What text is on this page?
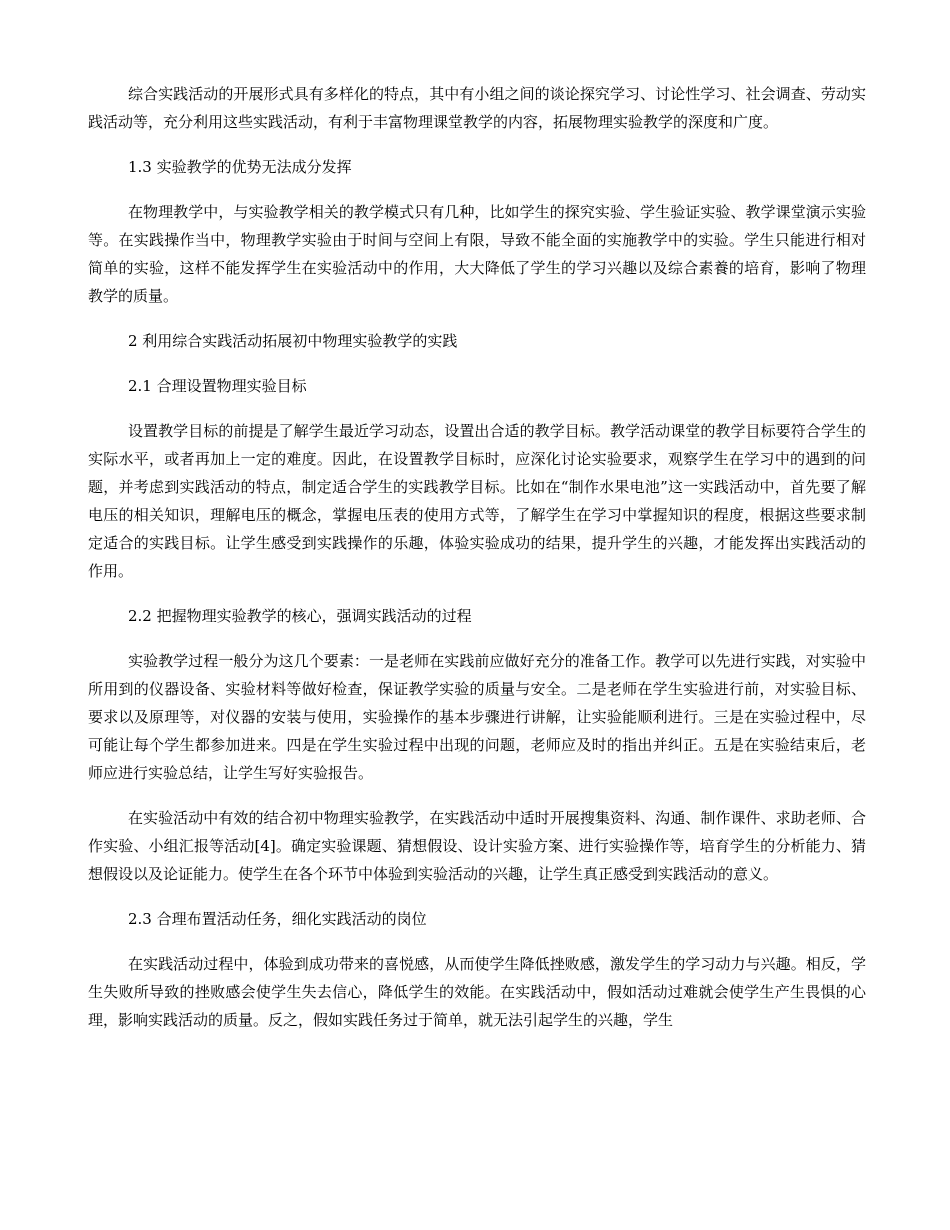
综合实践活动的开展形式具有多样化的特点，其中有小组之间的谈论探究学习、讨论性学习、社会调查、劳动实践活动等，充分利用这些实践活动，有利于丰富物理课堂教学的内容，拓展物理实验教学的深度和广度。

1.3 实验教学的优势无法成分发挥

在物理教学中，与实验教学相关的教学模式只有几种，比如学生的探究实验、学生验证实验、教学课堂演示实验等。在实践操作当中，物理教学实验由于时间与空间上有限，导致不能全面的实施教学中的实验。学生只能进行相对简单的实验，这样不能发挥学生在实验活动中的作用，大大降低了学生的学习兴趣以及综合素養的培育，影响了物理教学的质量。

2 利用综合实践活动拓展初中物理实验教学的实践

2.1 合理设置物理实验目标

设置教学目标的前提是了解学生最近学习动态，设置出合适的教学目标。教学活动课堂的教学目标要符合学生的实际水平，或者再加上一定的难度。因此，在设置教学目标时，应深化讨论实验要求，观察学生在学习中的遇到的问题，并考虑到实践活动的特点，制定适合学生的实践教学目标。比如在“制作水果电池”这一实践活动中，首先要了解电压的相关知识，理解电压的概念，掌握电压表的使用方式等，了解学生在学习中掌握知识的程度，根据这些要求制定适合的实践目标。让学生感受到实践操作的乐趣，体验实验成功的结果，提升学生的兴趣，才能发挥出实践活动的作用。

2.2 把握物理实验教学的核心，强调实践活动的过程

实验教学过程一般分为这几个要素：一是老师在实践前应做好充分的准备工作。教学可以先进行实践，对实验中所用到的仪器设备、实验材料等做好检查，保证教学实验的质量与安全。二是老师在学生实验进行前，对实验目标、要求以及原理等，对仪器的安装与使用，实验操作的基本步骤进行讲解，让实验能顺利进行。三是在实验过程中，尽可能让每个学生都参加进来。四是在学生实验过程中出现的问题，老师应及时的指出并纠正。五是在实验结束后，老师应进行实验总结，让学生写好实验报告。

在实验活动中有效的结合初中物理实验教学，在实践活动中适时开展搜集资料、沟通、制作课件、求助老师、合作实验、小组汇报等活动[4]。确定实验课题、猜想假设、设计实验方案、进行实验操作等，培育学生的分析能力、猜想假设以及论证能力。使学生在各个环节中体验到实验活动的兴趣，让学生真正感受到实践活动的意义。

2.3 合理布置活动任务，细化实践活动的岗位

在实践活动过程中，体验到成功带来的喜悦感，从而使学生降低挫败感，激发学生的学习动力与兴趣。相反，学生失败所导致的挫败感会使学生失去信心，降低学生的效能。在实践活动中，假如活动过难就会使学生产生畏惧的心理，影响实践活动的质量。反之，假如实践任务过于简单，就无法引起学生的兴趣，学生
